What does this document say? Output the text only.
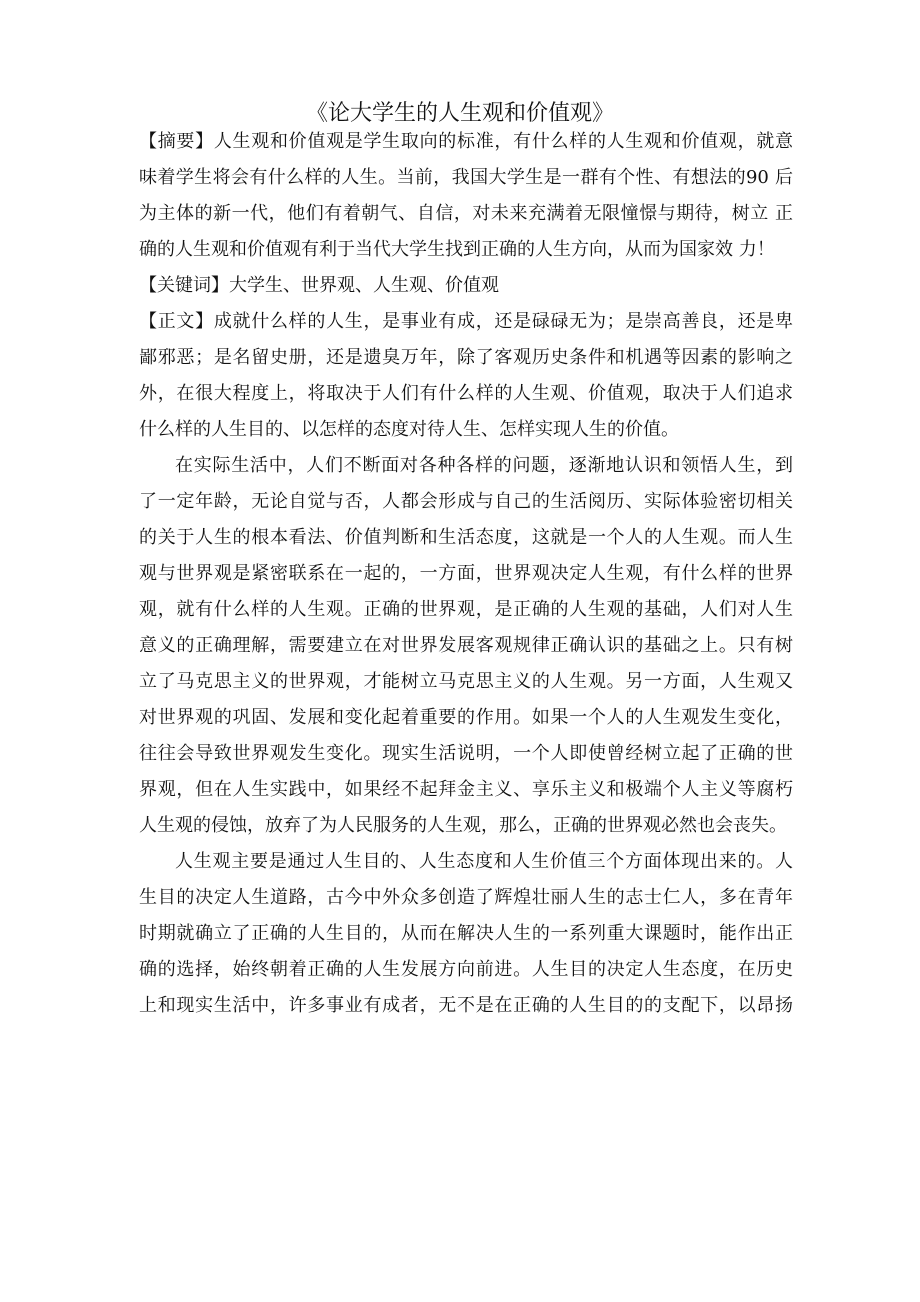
《论大学生的人生观和价值观》
【摘要】人生观和价值观是学生取向的标准，有什么样的人生观和价值观，就意
味着学生将会有什么样的人生。当前，我国大学生是一群有个性、有想法的90 后
为主体的新一代，他们有着朝气、自信，对未来充满着无限憧憬与期待，树立 正
确的人生观和价值观有利于当代大学生找到正确的人生方向，从而为国家效 力！
【关键词】大学生、世界观、人生观、价值观
【正文】成就什么样的人生，是事业有成，还是碌碌无为；是崇高善良，还是卑
鄙邪恶；是名留史册，还是遗臭万年，除了客观历史条件和机遇等因素的影响之
外，在很大程度上，将取决于人们有什么样的人生观、价值观，取决于人们追求
什么样的人生目的、以怎样的态度对待人生、怎样实现人生的价值。
在实际生活中，人们不断面对各种各样的问题，逐渐地认识和领悟人生，到
了一定年龄，无论自觉与否，人都会形成与自己的生活阅历、实际体验密切相关
的关于人生的根本看法、价值判断和生活态度，这就是一个人的人生观。而人生
观与世界观是紧密联系在一起的，一方面，世界观决定人生观，有什么样的世界
观，就有什么样的人生观。正确的世界观，是正确的人生观的基础，人们对人生
意义的正确理解，需要建立在对世界发展客观规律正确认识的基础之上。只有树
立了马克思主义的世界观，才能树立马克思主义的人生观。另一方面，人生观又
对世界观的巩固、发展和变化起着重要的作用。如果一个人的人生观发生变化，
往往会导致世界观发生变化。现实生活说明，一个人即使曾经树立起了正确的世
界观，但在人生实践中，如果经不起拜金主义、享乐主义和极端个人主义等腐朽
人生观的侵蚀，放弃了为人民服务的人生观，那么，正确的世界观必然也会丧失。
人生观主要是通过人生目的、人生态度和人生价值三个方面体现出来的。人
生目的决定人生道路，古今中外众多创造了辉煌壮丽人生的志士仁人，多在青年
时期就确立了正确的人生目的，从而在解决人生的一系列重大课题时，能作出正
确的选择，始终朝着正确的人生发展方向前进。人生目的决定人生态度，在历史
上和现实生活中，许多事业有成者，无不是在正确的人生目的的支配下，以昂扬
